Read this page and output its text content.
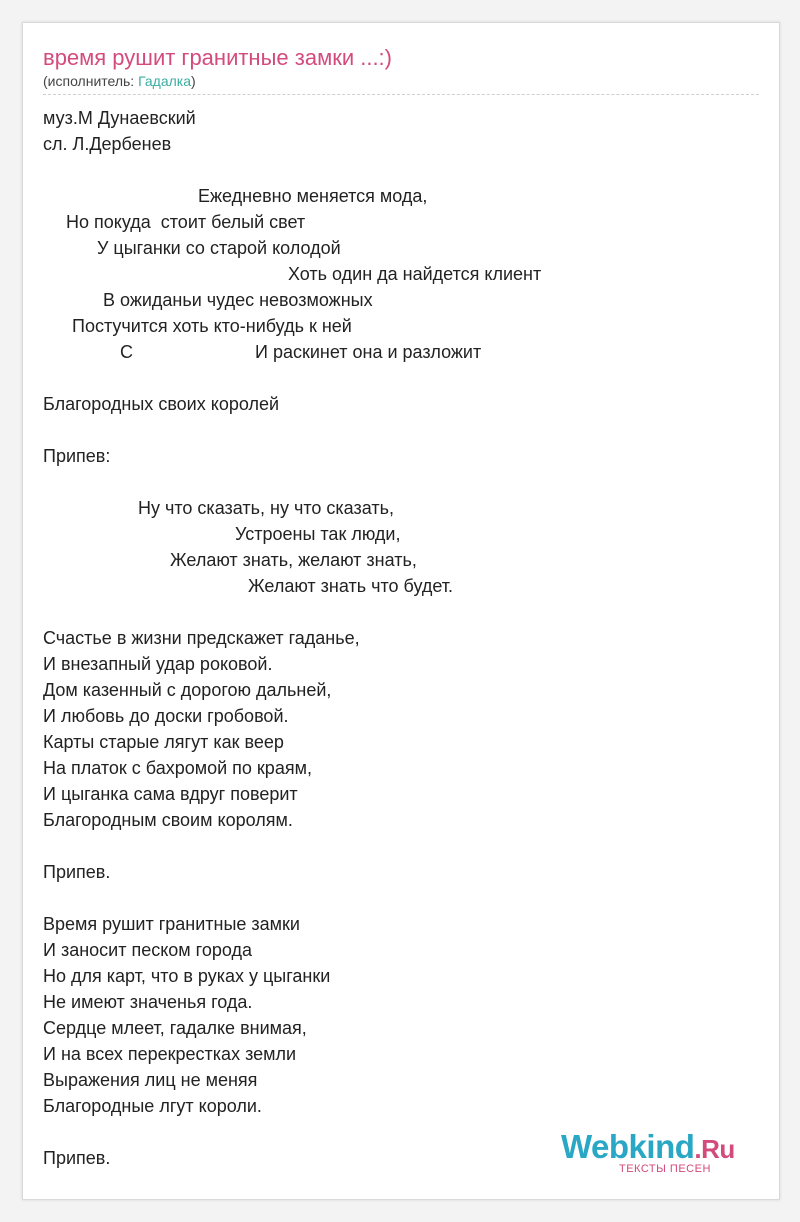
время рушит гранитные замки ...:)
(исполнитель: Гадалка)

муз.М Дунаевский

сл. Л.Дербенев

Ежедневно меняется мода,

Но покуда  стоит белый свет

У цыганки со старой колодой

Хоть один да найдется клиент

В ожиданьи чудес невозможных

Постучится хоть кто-нибудь к ней

С	И раскинет она и разложит

Благородных своих королей

Припев:

Ну что сказать, ну что сказать,

Устроены так люди,

Желают знать, желают знать,

Желают знать что будет.

Счастье в жизни предскажет гаданье,

И внезапный удар роковой.

Дом казенный с дорогою дальней,

И любовь до доски гробовой.

Карты старые лягут как веер

На платок с бахромой по краям,

И цыганка сама вдруг поверит

Благородным своим королям.

Припев.

Время рушит гранитные замки

И заносит песком города

Но для карт, что в руках у цыганки

Не имеют значенья года.

Сердце млеет, гадалке внимая,

И на всех перекрестках земли

Выражения лиц не меняя

Благородные лгут короли.

Припев.	Webkind.Ru
ТЕКСТЫ ПЕСЕН
